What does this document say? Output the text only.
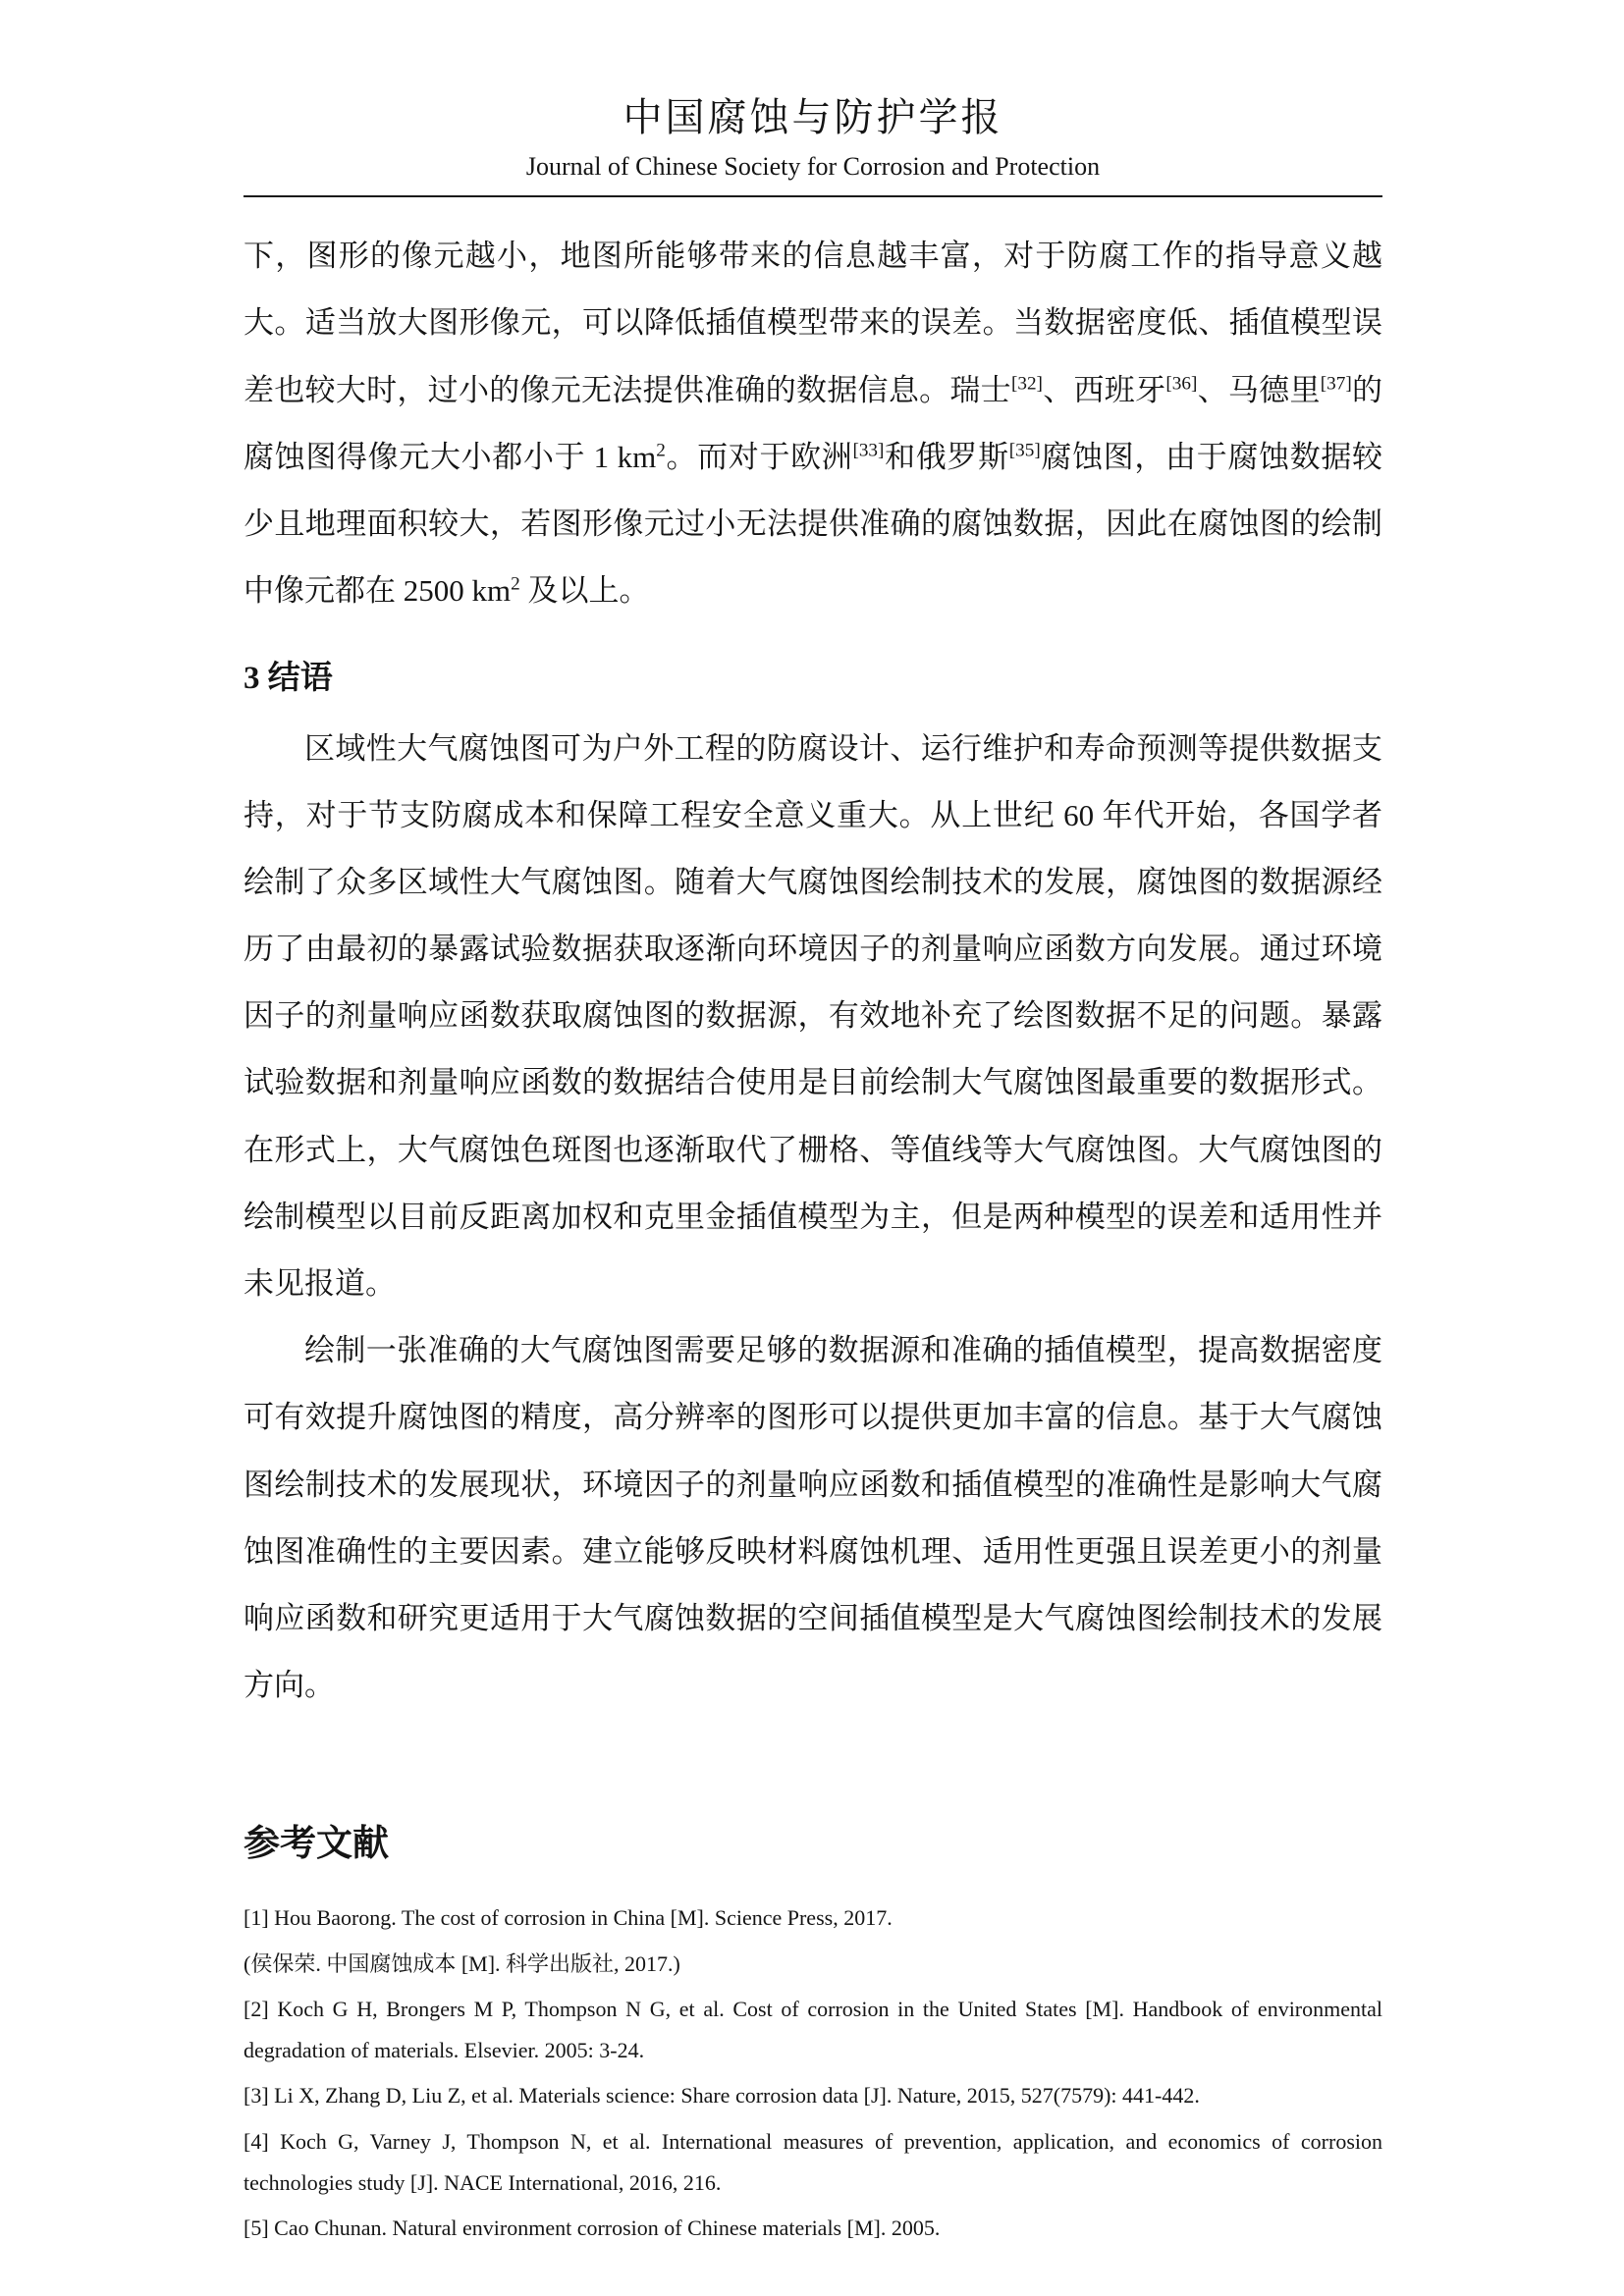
中国腐蚀与防护学报
Journal of Chinese Society for Corrosion and Protection

下，图形的像元越小，地图所能够带来的信息越丰富，对于防腐工作的指导意义越大。适当放大图形像元，可以降低插值模型带来的误差。当数据密度低、插值模型误差也较大时，过小的像元无法提供准确的数据信息。瑞士[32]、西班牙[36]、马德里[37]的腐蚀图得像元大小都小于 1 $km^2$。而对于欧洲[33]和俄罗斯[35]腐蚀图，由于腐蚀数据较少且地理面积较大，若图形像元过小无法提供准确的腐蚀数据，因此在腐蚀图的绘制中像元都在 2500 $km^2$ 及以上。

3 结语

区域性大气腐蚀图可为户外工程的防腐设计、运行维护和寿命预测等提供数据支持，对于节支防腐成本和保障工程安全意义重大。从上世纪 60 年代开始，各国学者绘制了众多区域性大气腐蚀图。随着大气腐蚀图绘制技术的发展，腐蚀图的数据源经历了由最初的暴露试验数据获取逐渐向环境因子的剂量响应函数方向发展。通过环境因子的剂量响应函数获取腐蚀图的数据源，有效地补充了绘图数据不足的问题。暴露试验数据和剂量响应函数的数据结合使用是目前绘制大气腐蚀图最重要的数据形式。在形式上，大气腐蚀色斑图也逐渐取代了栅格、等值线等大气腐蚀图。大气腐蚀图的绘制模型以目前反距离加权和克里金插值模型为主，但是两种模型的误差和适用性并未见报道。

绘制一张准确的大气腐蚀图需要足够的数据源和准确的插值模型，提高数据密度可有效提升腐蚀图的精度，高分辨率的图形可以提供更加丰富的信息。基于大气腐蚀图绘制技术的发展现状，环境因子的剂量响应函数和插值模型的准确性是影响大气腐蚀图准确性的主要因素。建立能够反映材料腐蚀机理、适用性更强且误差更小的剂量响应函数和研究更适用于大气腐蚀数据的空间插值模型是大气腐蚀图绘制技术的发展方向。

参考文献

[1] Hou Baorong. The cost of corrosion in China [M]. Science Press, 2017.

(侯保荣. 中国腐蚀成本 [M]. 科学出版社, 2017.)

[2] Koch G H, Brongers M P, Thompson N G, et al. Cost of corrosion in the United States [M]. Handbook of environmental degradation of materials. Elsevier. 2005: 3-24.

[3] Li X, Zhang D, Liu Z, et al. Materials science: Share corrosion data [J]. Nature, 2015, 527(7579): 441-442.

[4] Koch G, Varney J, Thompson N, et al. International measures of prevention, application, and economics of corrosion technologies study [J]. NACE International, 2016, 216.

[5] Cao Chunan. Natural environment corrosion of Chinese materials [M]. 2005.
